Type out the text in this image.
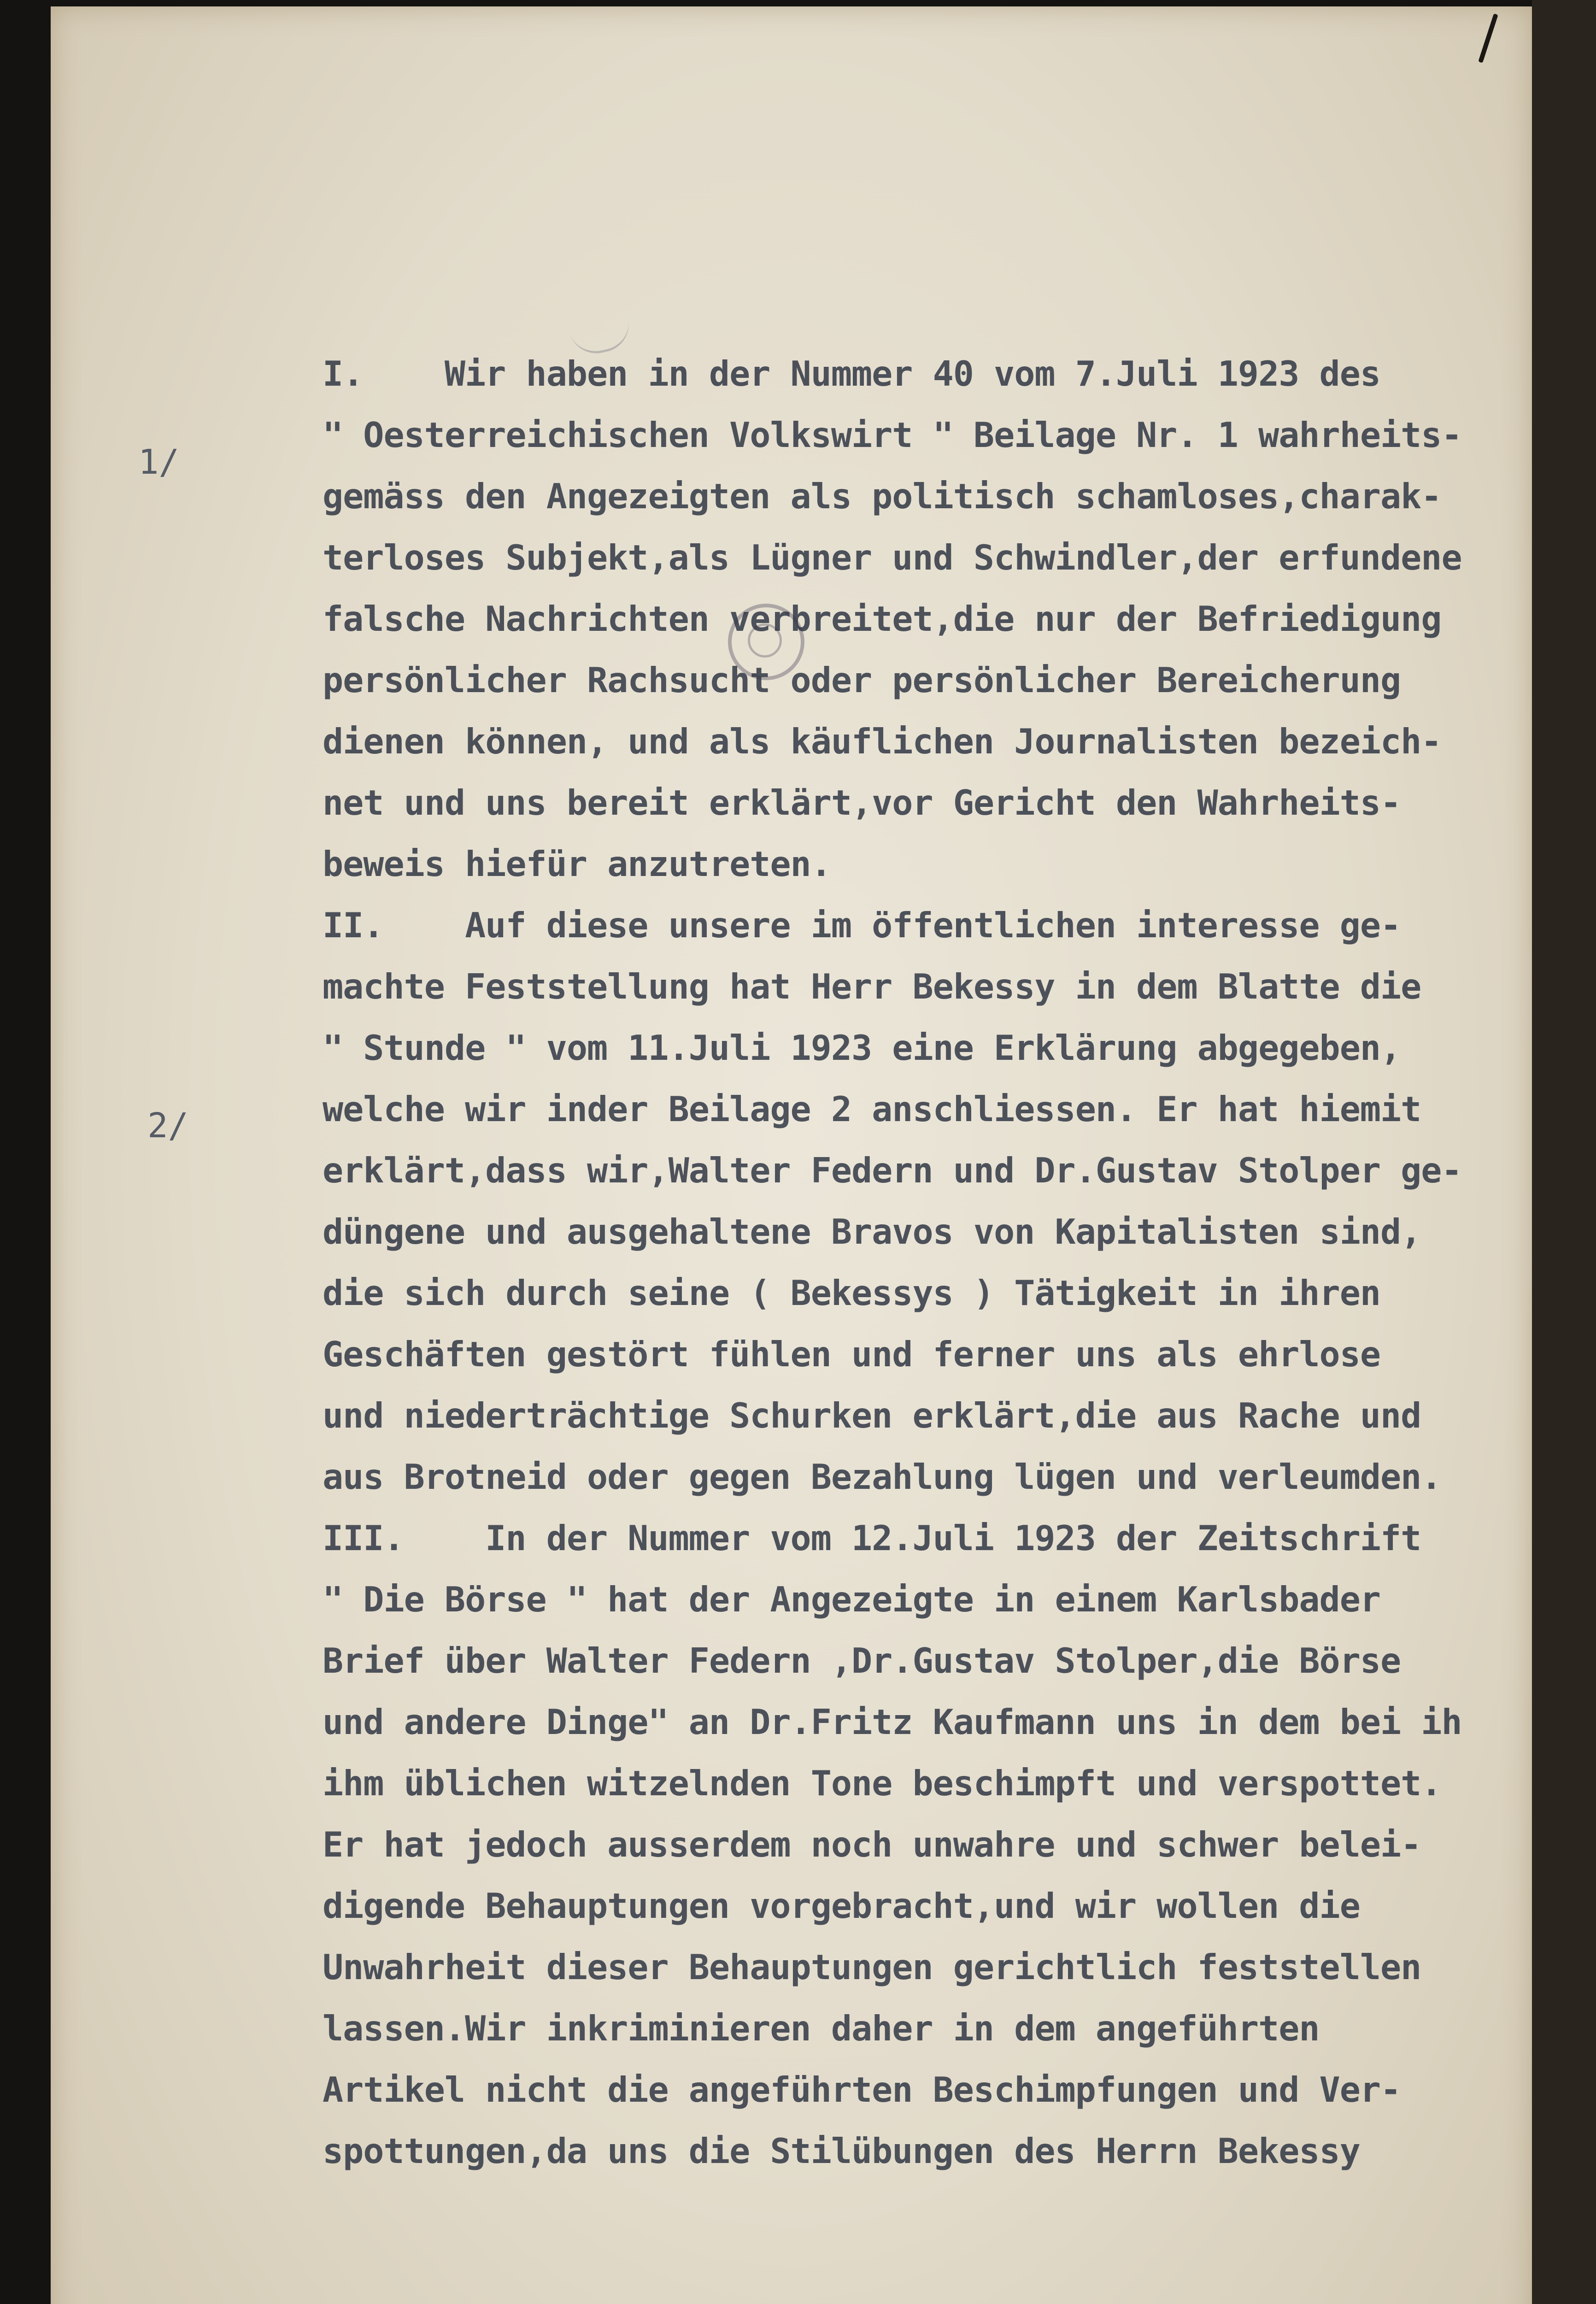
1/
2/
I.    Wir haben in der Nummer 40 vom 7.Juli 1923 des
" Oesterreichischen Volkswirt " Beilage Nr. 1 wahrheits-
gemäss den Angezeigten als politisch schamloses,charak-
terloses Subjekt,als Lügner und Schwindler,der erfundene
falsche Nachrichten verbreitet,die nur der Befriedigung
persönlicher Rachsucht oder persönlicher Bereicherung
dienen können, und als käuflichen Journalisten bezeich-
net und uns bereit erklärt,vor Gericht den Wahrheits-
beweis hiefür anzutreten.
II.    Auf diese unsere im öffentlichen interesse ge-
machte Feststellung hat Herr Bekessy in dem Blatte die
" Stunde " vom 11.Juli 1923 eine Erklärung abgegeben,
welche wir inder Beilage 2 anschliessen. Er hat hiemit
erklärt,dass wir,Walter Federn und Dr.Gustav Stolper ge-
düngene und ausgehaltene Bravos von Kapitalisten sind,
die sich durch seine ( Bekessys ) Tätigkeit in ihren
Geschäften gestört fühlen und ferner uns als ehrlose
und niederträchtige Schurken erklärt,die aus Rache und
aus Brotneid oder gegen Bezahlung lügen und verleumden.
III.    In der Nummer vom 12.Juli 1923 der Zeitschrift
" Die Börse " hat der Angezeigte in einem Karlsbader
Brief über Walter Federn ,Dr.Gustav Stolper,die Börse
und andere Dinge" an Dr.Fritz Kaufmann uns in dem bei ih
ihm üblichen witzelnden Tone beschimpft und verspottet.
Er hat jedoch ausserdem noch unwahre und schwer belei-
digende Behauptungen vorgebracht,und wir wollen die
Unwahrheit dieser Behauptungen gerichtlich feststellen
lassen.Wir inkriminieren daher in dem angeführten
Artikel nicht die angeführten Beschimpfungen und Ver-
spottungen,da uns die Stilübungen des Herrn Bekessy
